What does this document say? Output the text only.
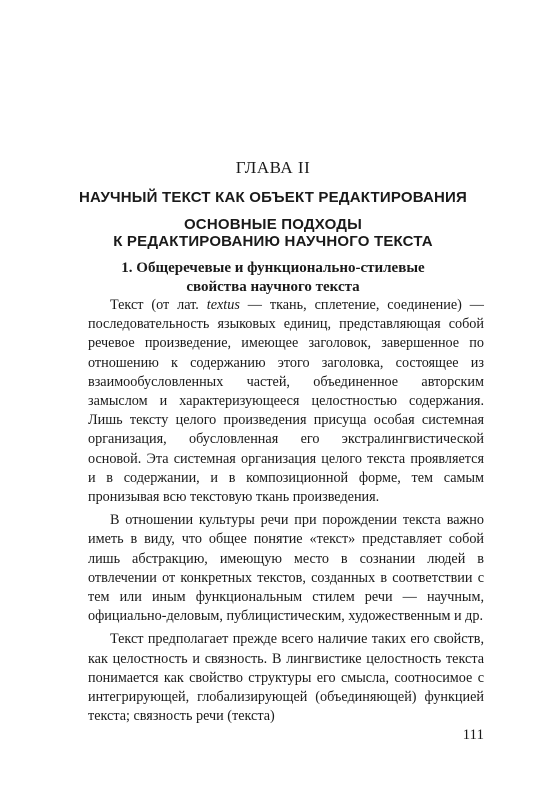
ГЛАВА II
НАУЧНЫЙ ТЕКСТ КАК ОБЪЕКТ РЕДАКТИРОВАНИЯ
ОСНОВНЫЕ ПОДХОДЫ
К РЕДАКТИРОВАНИЮ НАУЧНОГО ТЕКСТА
1. Общеречевые и функционально-стилевые
свойства научного текста

Текст (от лат. textus — ткань, сплетение, соединение) — последовательность языковых единиц, представляющая собой речевое произведение, имеющее заголовок, завершенное по отношению к содержанию этого заголовка, состоящее из взаимообусловленных частей, объединенное авторским замыслом и характеризующееся целостностью содержания. Лишь тексту целого произведения присуща особая системная организация, обусловленная его экстралингвистической основой. Эта системная организация целого текста проявляется и в содержании, и в композиционной форме, тем самым пронизывая всю текстовую ткань произведения.

В отношении культуры речи при порождении текста важно иметь в виду, что общее понятие «текст» представляет собой лишь абстракцию, имеющую место в сознании людей в отвлечении от конкретных текстов, созданных в соответствии с тем или иным функциональным стилем речи — научным, официально-деловым, публицистическим, художественным и др.

Текст предполагает прежде всего наличие таких его свойств, как целостность и связность. В лингвистике целостность текста понимается как свойство структуры его смысла, соотносимое с интегрирующей, глобализирующей (объединяющей) функцией текста; связность речи (текста)

111
